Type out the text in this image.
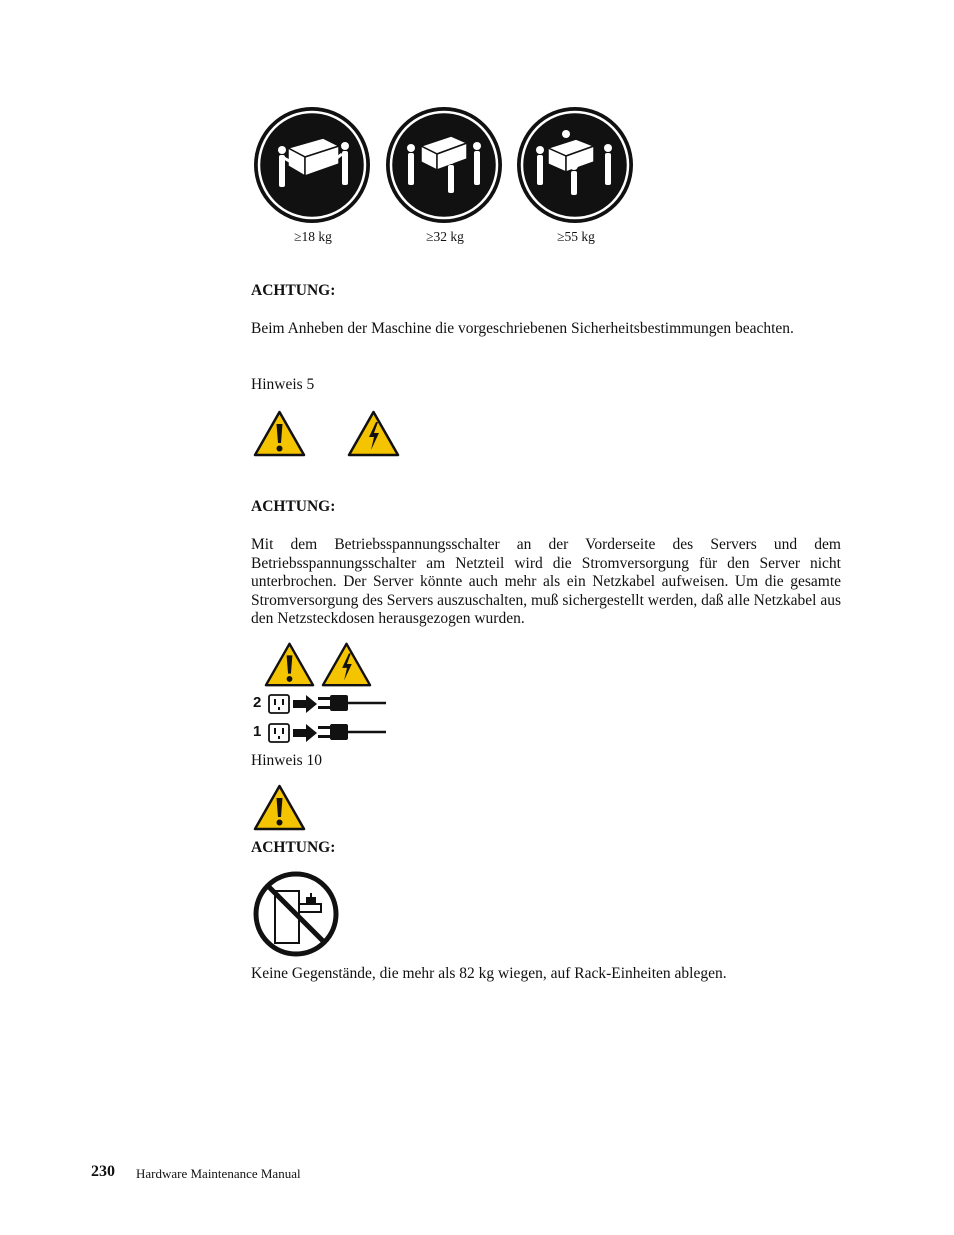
≥18 kg	≥32 kg	≥55 kg
ACHTUNG:
Beim Anheben der Maschine die vorgeschriebenen Sicherheitsbestimmungen beachten.
Hinweis 5
ACHTUNG:
Mit dem Betriebsspannungsschalter an der Vorderseite des Servers und dem Betriebsspannungsschalter am Netzteil wird die Stromversorgung für den Server nicht unterbrochen. Der Server könnte auch mehr als ein Netzkabel aufweisen. Um die gesamte Stromversorgung des Servers auszuschalten, muß sichergestellt werden, daß alle Netzkabel aus den Netzsteckdosen herausgezogen wurden.
2
1
Hinweis 10
ACHTUNG:
Keine Gegenstände, die mehr als 82 kg wiegen, auf Rack-Einheiten ablegen.
230 Hardware Maintenance Manual
